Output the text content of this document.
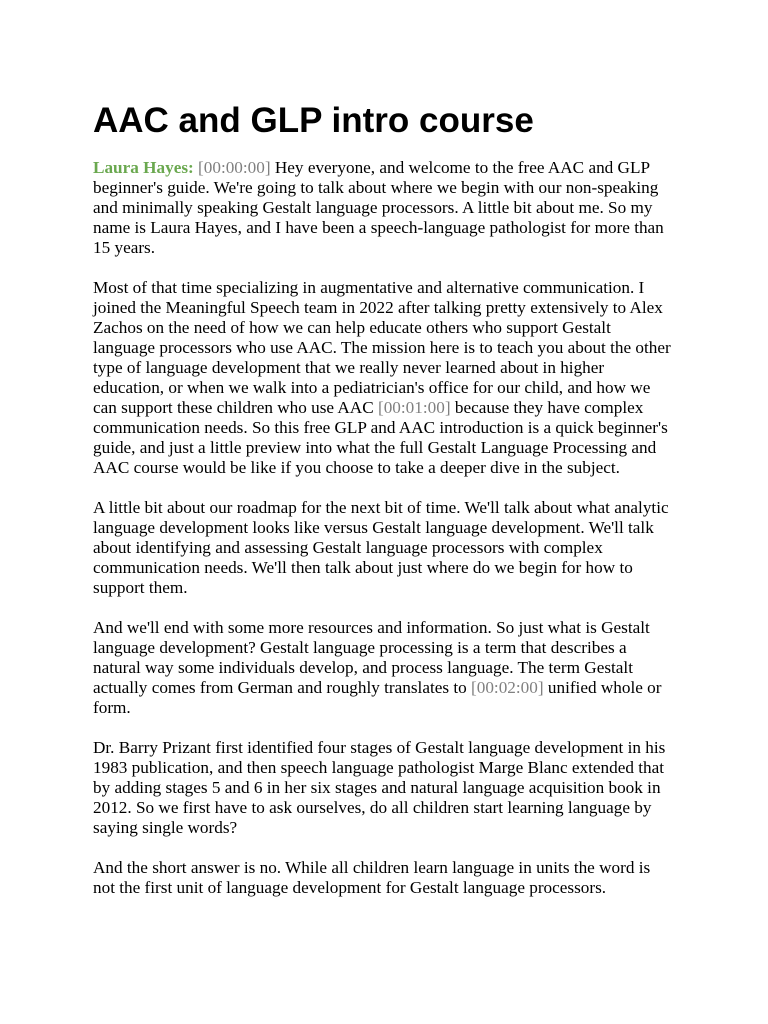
AAC and GLP intro course

Laura Hayes: [00:00:00] Hey everyone, and welcome to the free AAC and GLP beginner's guide. We're going to talk about where we begin with our non-speaking and minimally speaking Gestalt language processors. A little bit about me. So my name is Laura Hayes, and I have been a speech-language pathologist for more than 15 years.

Most of that time specializing in augmentative and alternative communication. I joined the Meaningful Speech team in 2022 after talking pretty extensively to Alex Zachos on the need of how we can help educate others who support Gestalt language processors who use AAC. The mission here is to teach you about the other type of language development that we really never learned about in higher education, or when we walk into a pediatrician's office for our child, and how we can support these children who use AAC [00:01:00] because they have complex communication needs. So this free GLP and AAC introduction is a quick beginner's guide, and just a little preview into what the full Gestalt Language Processing and AAC course would be like if you choose to take a deeper dive in the subject.

A little bit about our roadmap for the next bit of time. We'll talk about what analytic language development looks like versus Gestalt language development. We'll talk about identifying and assessing Gestalt language processors with complex communication needs. We'll then talk about just where do we begin for how to support them.

And we'll end with some more resources and information. So just what is Gestalt language development? Gestalt language processing is a term that describes a natural way some individuals develop, and process language. The term Gestalt actually comes from German and roughly translates to [00:02:00] unified whole or form.

Dr. Barry Prizant first identified four stages of Gestalt language development in his 1983 publication, and then speech language pathologist Marge Blanc extended that by adding stages 5 and 6 in her six stages and natural language acquisition book in 2012. So we first have to ask ourselves, do all children start learning language by saying single words?

And the short answer is no. While all children learn language in units the word is not the first unit of language development for Gestalt language processors.
